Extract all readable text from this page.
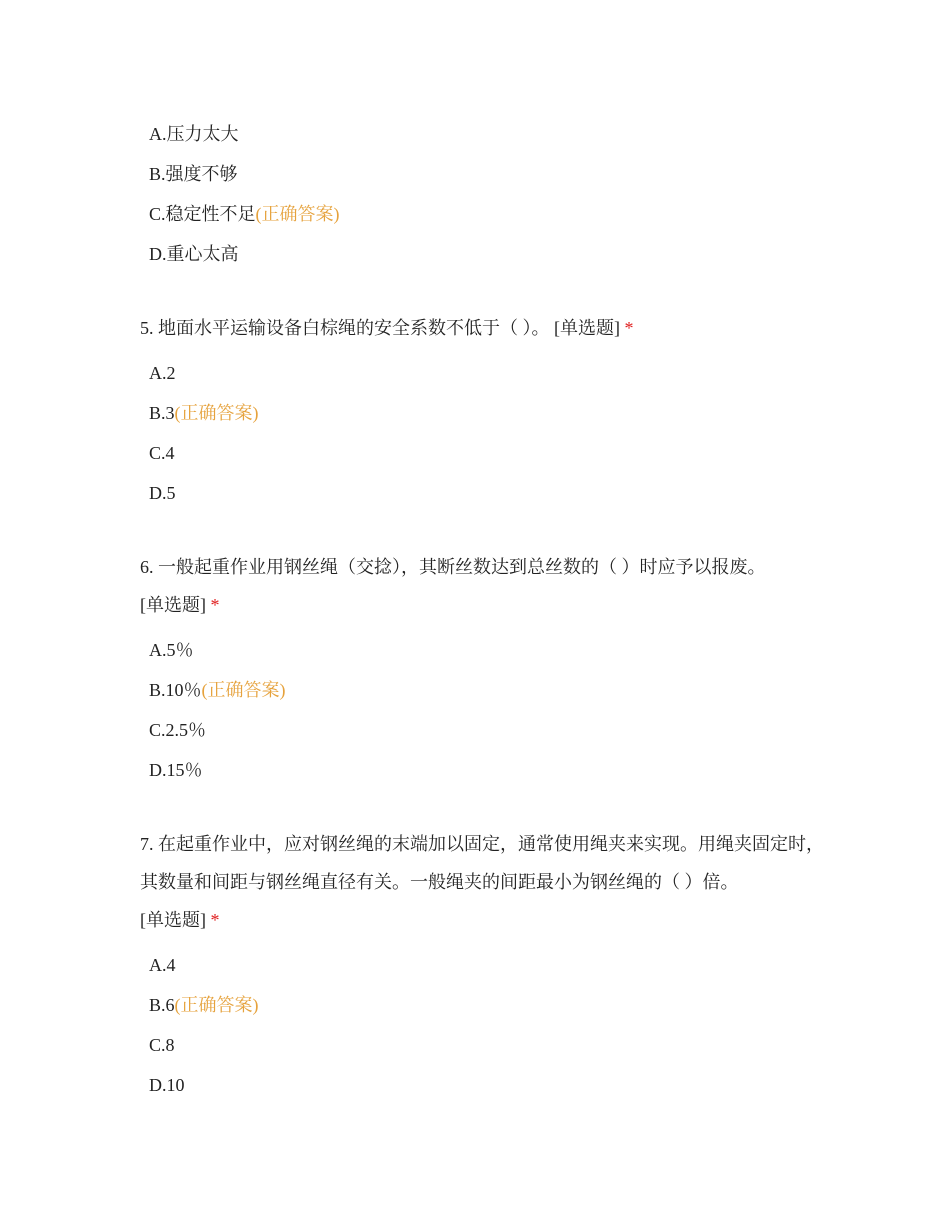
A.压力太大
B.强度不够
C.稳定性不足(正确答案)
D.重心太高
5. 地面水平运输设备白棕绳的安全系数不低于（ ）。 [单选题] *
A.2
B.3(正确答案)
C.4
D.5
6. 一般起重作业用钢丝绳（交捻），其断丝数达到总丝数的（ ）时应予以报废。
[单选题] *
A.5％
B.10％(正确答案)
C.2.5％
D.15％
7. 在起重作业中，应对钢丝绳的末端加以固定，通常使用绳夹来实现。用绳夹固定时，其数量和间距与钢丝绳直径有关。一般绳夹的间距最小为钢丝绳的（ ）倍。
[单选题] *
A.4
B.6(正确答案)
C.8
D.10
